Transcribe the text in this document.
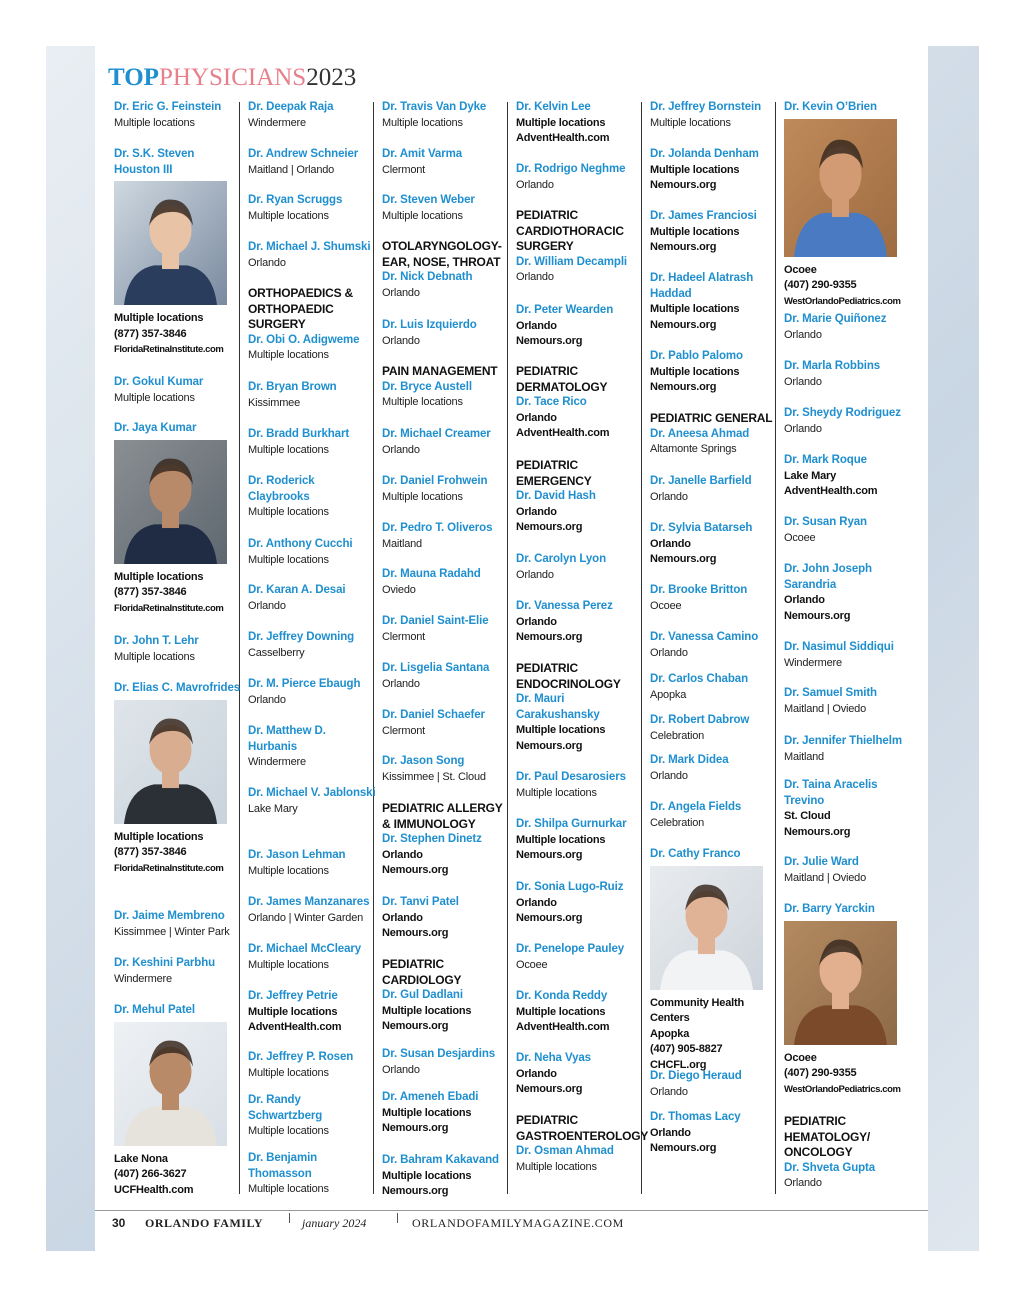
TOPPHYSICIANS2023
Dr. Eric G. Feinstein
Multiple locations
Dr. S.K. Steven Houston III
Multiple locations
(877) 357-3846
FloridaRetinaInstitute.com
Dr. Gokul Kumar
Multiple locations
Dr. Jaya Kumar
Multiple locations
(877) 357-3846
FloridaRetinaInstitute.com
Dr. John T. Lehr
Multiple locations
Dr. Elias C. Mavrofrides
Multiple locations
(877) 357-3846
FloridaRetinaInstitute.com
Dr. Jaime Membreno
Kissimmee | Winter Park
Dr. Keshini Parbhu
Windermere
Dr. Mehul Patel
Lake Nona
(407) 266-3627
UCFHealth.com
Dr. Deepak Raja
Windermere
Dr. Andrew Schneier
Maitland | Orlando
Dr. Ryan Scruggs
Multiple locations
Dr. Michael J. Shumski
Orlando
ORTHOPAEDICS & ORTHOPAEDIC SURGERY
Dr. Obi O. Adigweme
Multiple locations
Dr. Bryan Brown
Kissimmee
Dr. Bradd Burkhart
Multiple locations
Dr. Roderick Claybrooks
Multiple locations
Dr. Anthony Cucchi
Multiple locations
Dr. Karan A. Desai
Orlando
Dr. Jeffrey Downing
Casselberry
Dr. M. Pierce Ebaugh
Orlando
Dr. Matthew D. Hurbanis
Windermere
Dr. Michael V. Jablonski
Lake Mary
Dr. Jason Lehman
Multiple locations
Dr. James Manzanares
Orlando | Winter Garden
Dr. Michael McCleary
Multiple locations
Dr. Jeffrey Petrie
Multiple locations
AdventHealth.com
Dr. Jeffrey P. Rosen
Multiple locations
Dr. Randy Schwartzberg
Multiple locations
Dr. Benjamin Thomasson
Multiple locations
Dr. Travis Van Dyke
Multiple locations
Dr. Amit Varma
Clermont
Dr. Steven Weber
Multiple locations
OTOLARYNGOLOGY-EAR, NOSE, THROAT
Dr. Nick Debnath
Orlando
Dr. Luis Izquierdo
Orlando
PAIN MANAGEMENT
Dr. Bryce Austell
Multiple locations
Dr. Michael Creamer
Orlando
Dr. Daniel Frohwein
Multiple locations
Dr. Pedro T. Oliveros
Maitland
Dr. Mauna Radahd
Oviedo
Dr. Daniel Saint-Elie
Clermont
Dr. Lisgelia Santana
Orlando
Dr. Daniel Schaefer
Clermont
Dr. Jason Song
Kissimmee | St. Cloud
PEDIATRIC ALLERGY & IMMUNOLOGY
Dr. Stephen Dinetz
Orlando
Nemours.org
Dr. Tanvi Patel
Orlando
Nemours.org
PEDIATRIC CARDIOLOGY
Dr. Gul Dadlani
Multiple locations
Nemours.org
Dr. Susan Desjardins
Orlando
Dr. Ameneh Ebadi
Multiple locations
Nemours.org
Dr. Bahram Kakavand
Multiple locations
Nemours.org
Dr. Kelvin Lee
Multiple locations
AdventHealth.com
Dr. Rodrigo Neghme
Orlando
PEDIATRIC CARDIOTHORACIC SURGERY
Dr. William Decampli
Orlando
Dr. Peter Wearden
Orlando
Nemours.org
PEDIATRIC DERMATOLOGY
Dr. Tace Rico
Orlando
AdventHealth.com
PEDIATRIC EMERGENCY
Dr. David Hash
Orlando
Nemours.org
Dr. Carolyn Lyon
Orlando
Dr. Vanessa Perez
Orlando
Nemours.org
PEDIATRIC ENDOCRINOLOGY
Dr. Mauri Carakushansky
Multiple locations
Nemours.org
Dr. Paul Desarosiers
Multiple locations
Dr. Shilpa Gurnurkar
Multiple locations
Nemours.org
Dr. Sonia Lugo-Ruiz
Orlando
Nemours.org
Dr. Penelope Pauley
Ocoee
Dr. Konda Reddy
Multiple locations
AdventHealth.com
Dr. Neha Vyas
Orlando
Nemours.org
PEDIATRIC GASTROENTEROLOGY
Dr. Osman Ahmad
Multiple locations
Dr. Jeffrey Bornstein
Multiple locations
Dr. Jolanda Denham
Multiple locations
Nemours.org
Dr. James Franciosi
Multiple locations
Nemours.org
Dr. Hadeel Alatrash Haddad
Multiple locations
Nemours.org
Dr. Pablo Palomo
Multiple locations
Nemours.org
PEDIATRIC GENERAL
Dr. Aneesa Ahmad
Altamonte Springs
Dr. Janelle Barfield
Orlando
Dr. Sylvia Batarseh
Orlando
Nemours.org
Dr. Brooke Britton
Ocoee
Dr. Vanessa Camino
Orlando
Dr. Carlos Chaban
Apopka
Dr. Robert Dabrow
Celebration
Dr. Mark Didea
Orlando
Dr. Angela Fields
Celebration
Dr. Cathy Franco
Community Health Centers
Apopka
(407) 905-8827
CHCFL.org
Dr. Diego Heraud
Orlando
Dr. Thomas Lacy
Orlando
Nemours.org
Dr. Kevin O’Brien
Ocoee
(407) 290-9355
WestOrlandoPediatrics.com
Dr. Marie Quiñonez
Orlando
Dr. Marla Robbins
Orlando
Dr. Sheydy Rodriguez
Orlando
Dr. Mark Roque
Lake Mary
AdventHealth.com
Dr. Susan Ryan
Ocoee
Dr. John Joseph Sarandria
Orlando
Nemours.org
Dr. Nasimul Siddiqui
Windermere
Dr. Samuel Smith
Maitland | Oviedo
Dr. Jennifer Thielhelm
Maitland
Dr. Taina Aracelis Trevino
St. Cloud
Nemours.org
Dr. Julie Ward
Maitland | Oviedo
Dr. Barry Yarckin
Ocoee
(407) 290-9355
WestOrlandoPediatrics.com
PEDIATRIC HEMATOLOGY/ ONCOLOGY
Dr. Shveta Gupta
Orlando
30 ORLANDO FAMILY	january 2024	ORLANDOFAMILYMAGAZINE.COM
